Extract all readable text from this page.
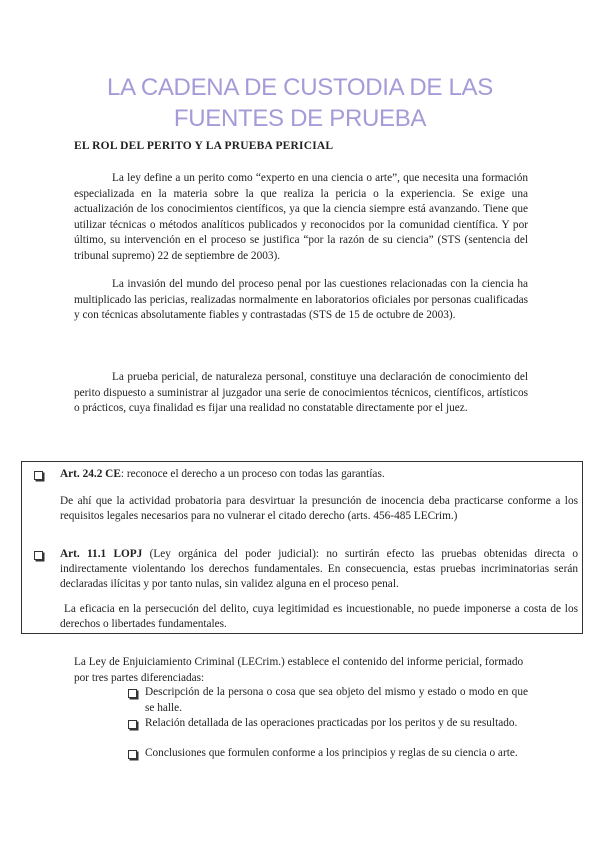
LA CADENA DE CUSTODIA DE LAS FUENTES DE PRUEBA
EL ROL DEL PERITO Y LA PRUEBA PERICIAL
La ley define a un perito como “experto en una ciencia o arte”, que necesita una formación especializada en la materia sobre la que realiza la pericia o la experiencia. Se exige una actualización de los conocimientos científicos, ya que la ciencia siempre está avanzando. Tiene que utilizar técnicas o métodos analíticos publicados y reconocidos por la comunidad científica. Y por último, su intervención en el proceso se justifica “por la razón de su ciencia” (STS (sentencia del tribunal supremo) 22 de septiembre de 2003).
La invasión del mundo del proceso penal por las cuestiones relacionadas con la ciencia ha multiplicado las pericias, realizadas normalmente en laboratorios oficiales por personas cualificadas y con técnicas absolutamente fiables y contrastadas (STS de 15 de octubre de 2003).
La prueba pericial, de naturaleza personal, constituye una declaración de conocimiento del perito dispuesto a suministrar al juzgador una serie de conocimientos técnicos, científicos, artísticos o prácticos, cuya finalidad es fijar una realidad no constatable directamente por el juez.
Art. 24.2 CE: reconoce el derecho a un proceso con todas las garantías.
De ahí que la actividad probatoria para desvirtuar la presunción de inocencia deba practicarse conforme a los requisitos legales necesarios para no vulnerar el citado derecho (arts. 456-485 LECrim.)
Art. 11.1 LOPJ (Ley orgánica del poder judicial): no surtirán efecto las pruebas obtenidas directa o indirectamente violentando los derechos fundamentales. En consecuencia, estas pruebas incriminatorias serán declaradas ilícitas y por tanto nulas, sin validez alguna en el proceso penal.
La eficacia en la persecución del delito, cuya legitimidad es incuestionable, no puede imponerse a costa de los derechos o libertades fundamentales.
La Ley de Enjuiciamiento Criminal (LECrim.) establece el contenido del informe pericial, formado por tres partes diferenciadas:
Descripción de la persona o cosa que sea objeto del mismo y estado o modo en que se halle.
Relación detallada de las operaciones practicadas por los peritos y de su resultado.
Conclusiones que formulen conforme a los principios y reglas de su ciencia o arte.
